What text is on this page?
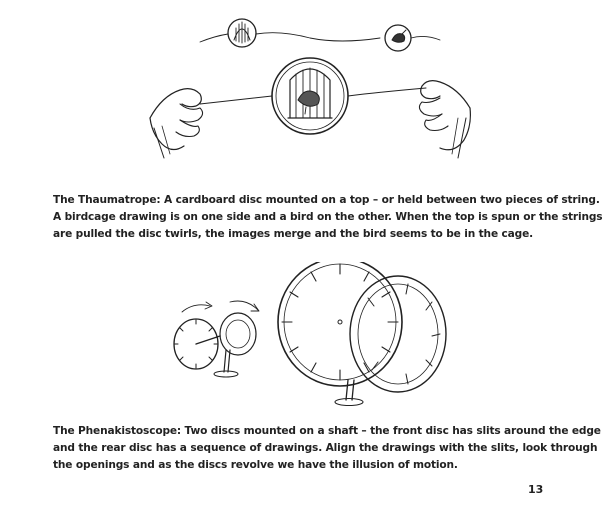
The Thaumatrope: A cardboard disc mounted on a top – or held between two pieces of string.
A birdcage drawing is on one side and a bird on the other. When the top is spun or the strings
are pulled the disc twirls, the images merge and the bird seems to be in the cage.
The Phenakistoscope: Two discs mounted on a shaft – the front disc has slits around the edge
and the rear disc has a sequence of drawings. Align the drawings with the slits, look through
the openings and as the discs revolve we have the illusion of motion.
13
